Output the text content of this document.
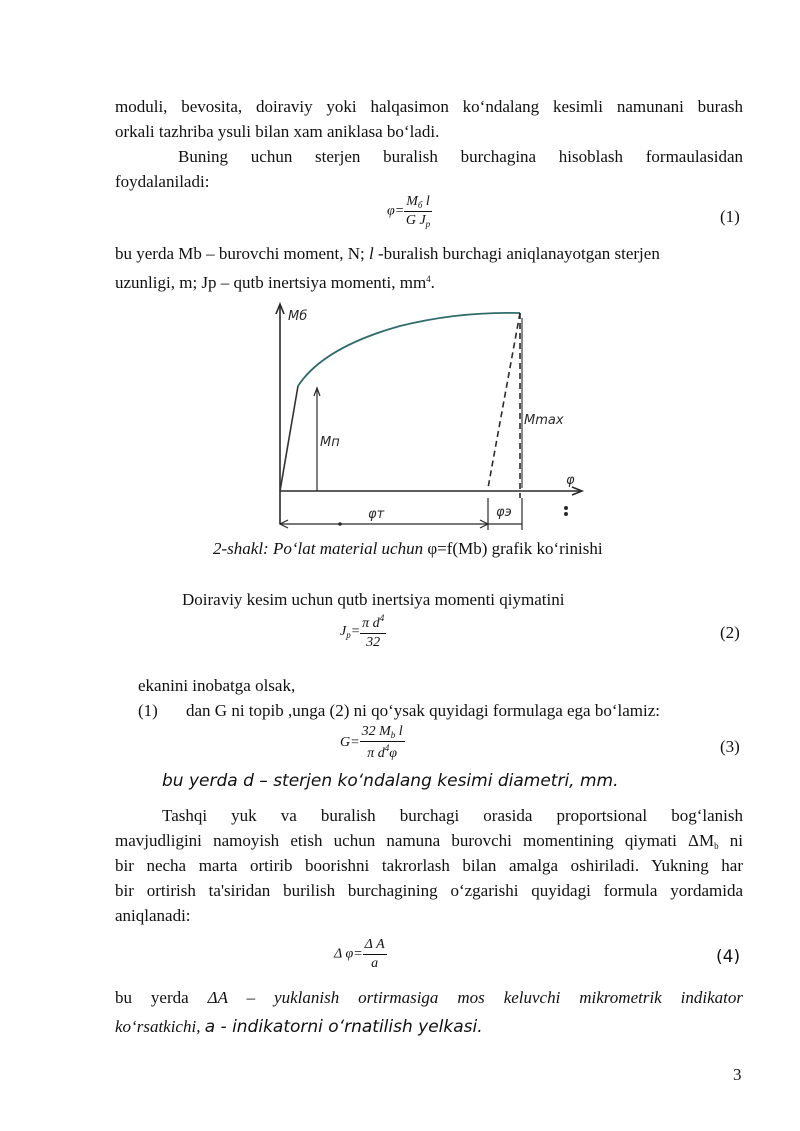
moduli, bevosita, doiraviy yoki halqasimon ko‘ndalang kesimli namunani burash
orkali tazhriba ysuli bilan xam aniklasa bo‘ladi.
Buning uchun sterjen buralish burchagina hisoblash formaulasidan
foydalaniladi:
$\varphi= \frac{M_б l}{G J_p}$	(1)
bu yerda Mb – burovchi moment, N; l -buralish burchagi aniqlanayotgan sterjen
uzunligi, m; Jp – qutb inertsiya momenti, $mm^4$.
Mб
Mп
Mmax
φ
φт	φэ
2-shakl: Po‘lat material uchun φ=f(Mb) grafik ko‘rinishi
Doiraviy kesim uchun qutb inertsiya momenti qiymatini
$J_p= \frac{\pi d^4}{32}$	(2)
ekanini inobatga olsak,
(1) dan G ni topib ,unga (2) ni qo‘ysak quyidagi formulaga ega bo‘lamiz:
$G= \frac{32 M_b l}{\pi d^4\varphi}$	(3)
bu yerda d – sterjen ko‘ndalang kesimi diametri, mm.
Tashqi yuk va buralish burchagi orasida proportsional bog‘lanish
mavjudligini namoyish etish uchun namuna burovchi momentining qiymati $\Delta M_b$ ni
bir necha marta ortirib boorishni takrorlash bilan amalga oshiriladi. Yukning har
bir ortirish ta'siridan burilish burchagining o‘zgarishi quyidagi formula yordamida
aniqlanadi:
Δ $\varphi= \frac{\text{Δ A}}{a}$	(4)
bu yerda ΔA – yuklanish ortirmasiga mos keluvchi mikrometrik indikator
ko‘rsatkichi, a - indikatorni o‘rnatilish yelkasi.
3
